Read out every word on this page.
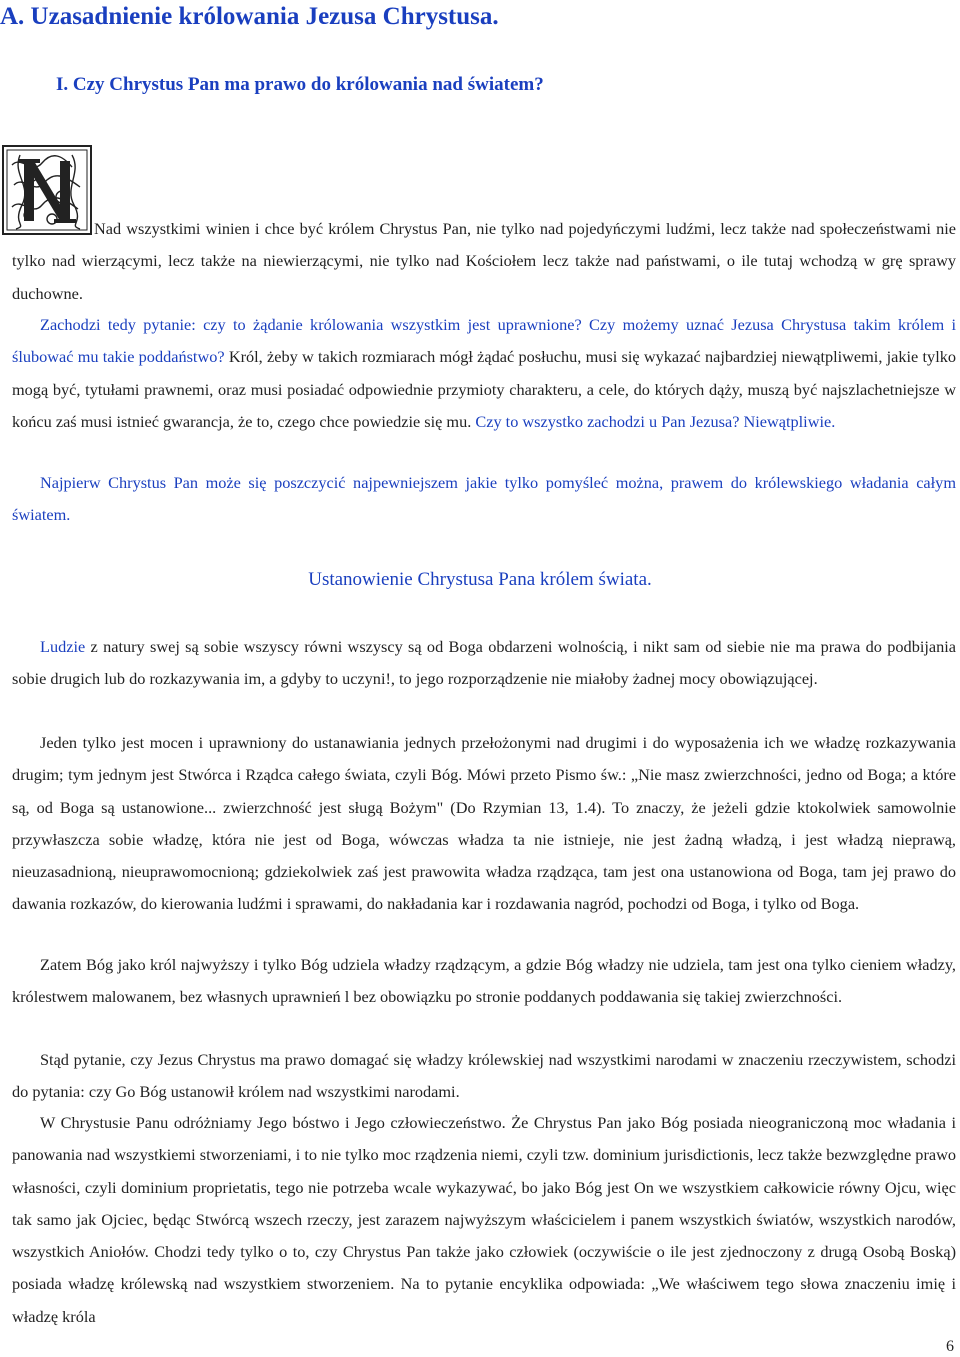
A. Uzasadnienie królowania Jezusa Chrystusa.
I. Czy Chrystus Pan ma prawo do królowania nad światem?

Nad wszystkimi winien i chce być królem Chrystus Pan, nie tylko nad pojedyńczymi ludźmi, lecz także nad społeczeństwami nie tylko nad wierzącymi, lecz także na niewierzącymi, nie tylko nad Kościołem lecz także nad państwami, o ile tutaj wchodzą w grę sprawy duchowne.

Zachodzi tedy pytanie: czy to żądanie królowania wszystkim jest uprawnione? Czy możemy uznać Jezusa Chrystusa takim królem i ślubować mu takie poddaństwo? Król, żeby w takich rozmiarach mógł żądać posłuchu, musi się wykazać najbardziej niewątpliwemi, jakie tylko mogą być, tytułami prawnemi, oraz musi posiadać odpowiednie przymioty charakteru, a cele, do których dąży, muszą być najszlachetniejsze w końcu zaś musi istnieć gwarancja, że to, czego chce powiedzie się mu. Czy to wszystko zachodzi u Pan Jezusa? Niewątpliwie.

Najpierw Chrystus Pan może się poszczycić najpewniejszem jakie tylko pomyśleć można, prawem do królewskiego władania całym światem.

Ustanowienie Chrystusa Pana królem świata.

Ludzie z natury swej są sobie wszyscy równi wszyscy są od Boga obdarzeni wolnością, i nikt sam od siebie nie ma prawa do podbijania sobie drugich lub do rozkazywania im, a gdyby to uczyni!, to jego rozporządzenie nie miałoby żadnej mocy obowiązującej.

Jeden tylko jest mocen i uprawniony do ustanawiania jednych przełożonymi nad drugimi i do wyposażenia ich we władzę rozkazywania drugim; tym jednym jest Stwórca i Rządca całego świata, czyli Bóg. Mówi przeto Pismo św.: „Nie masz zwierzchności, jedno od Boga; a które są, od Boga są ustanowione... zwierzchność jest sługą Bożym" (Do Rzymian 13, 1.4). To znaczy, że jeżeli gdzie ktokolwiek samowolnie przywłaszcza sobie władzę, która nie jest od Boga, wówczas władza ta nie istnieje, nie jest żadną władzą, i jest władzą nieprawą, nieuzasadnioną, nieuprawomocnioną; gdziekolwiek zaś jest prawowita władza rządząca, tam jest ona ustanowiona od Boga, tam jej prawo do dawania rozkazów, do kierowania ludźmi i sprawami, do nakładania kar i rozdawania nagród, pochodzi od Boga, i tylko od Boga.

Zatem Bóg jako król najwyższy i tylko Bóg udziela władzy rządzącym, a gdzie Bóg władzy nie udziela, tam jest ona tylko cieniem władzy, królestwem malowanem, bez własnych uprawnień l bez obowiązku po stronie poddanych poddawania się takiej zwierzchności.

Stąd pytanie, czy Jezus Chrystus ma prawo domagać się władzy królewskiej nad wszystkimi narodami w znaczeniu rzeczywistem, schodzi do pytania: czy Go Bóg ustanowił królem nad wszystkimi narodami.

W Chrystusie Panu odróżniamy Jego bóstwo i Jego człowieczeństwo. Że Chrystus Pan jako Bóg posiada nieograniczoną moc władania i panowania nad wszystkiemi stworzeniami, i to nie tylko moc rządzenia niemi, czyli tzw. dominium jurisdictionis, lecz także bezwzględne prawo własności, czyli dominium proprietatis, tego nie potrzeba wcale wykazywać, bo jako Bóg jest On we wszystkiem całkowicie równy Ojcu, więc tak samo jak Ojciec, będąc Stwórcą wszech rzeczy, jest zarazem najwyższym właścicielem i panem wszystkich światów, wszystkich narodów, wszystkich Aniołów. Chodzi tedy tylko o to, czy Chrystus Pan także jako człowiek (oczywiście o ile jest zjednoczony z drugą Osobą Boską) posiada władzę królewską nad wszystkiem stworzeniem. Na to pytanie encyklika odpowiada: „We właściwem tego słowa znaczeniu imię i władzę króla

6
